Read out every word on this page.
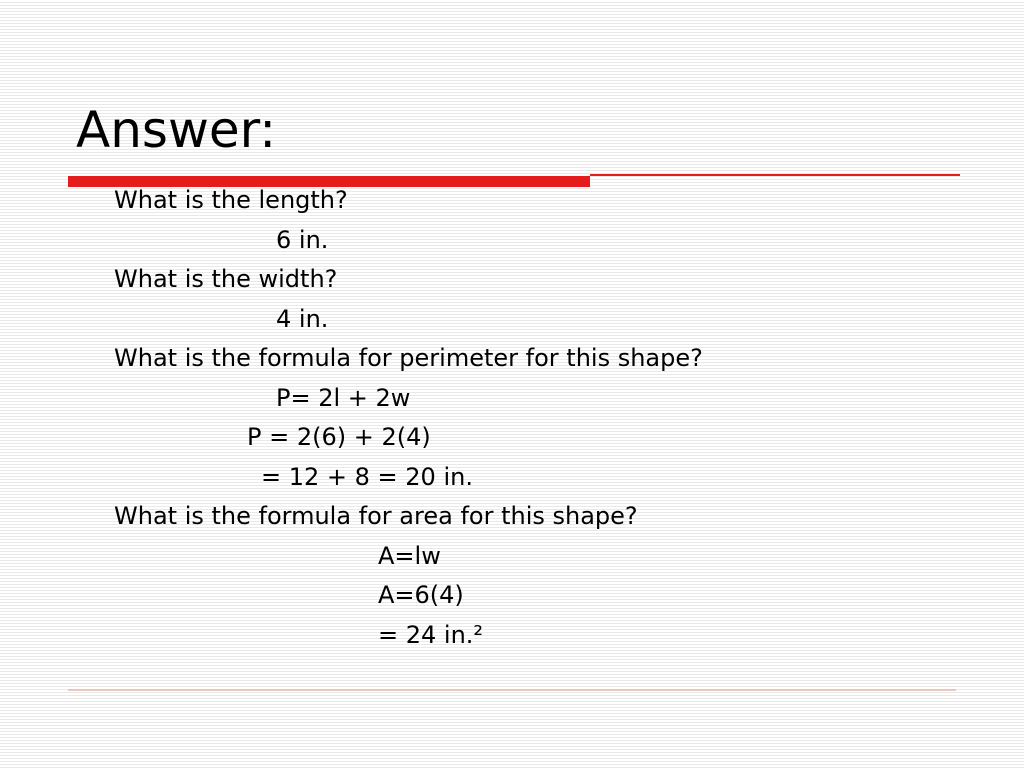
Answer:
What is the length?
6 in.
What is the width?
4 in.
What is the formula for perimeter for this shape?
P= 2l + 2w
P = 2(6) + 2(4)
= 12 + 8 = 20 in.
What is the formula for area for this shape?
A=lw
A=6(4)
= 24 in.²
